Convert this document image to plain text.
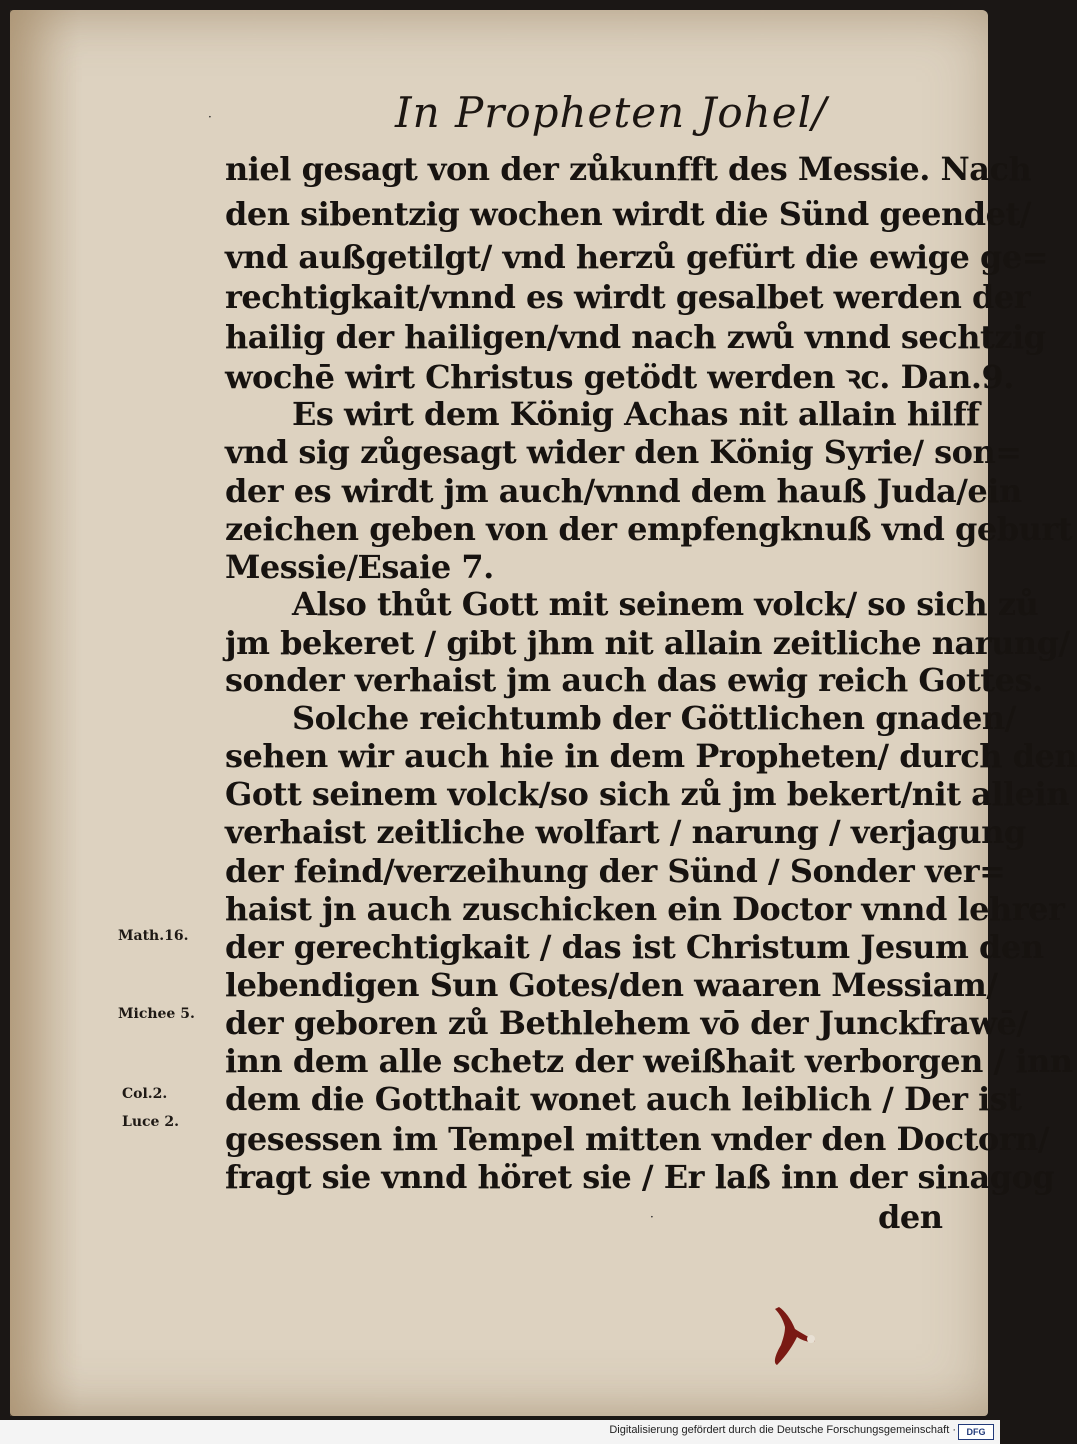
In Propheten Johel/
niel gesagt von der zůkunfft des Messie. Nach
den sibentzig wochen wirdt die Sünd geendet/
vnd außgetilgt/ vnd herzů gefürt die ewige ge=
rechtigkait/vnnd es wirdt gesalbet werden der
hailig der hailigen/vnd nach zwů vnnd sechtzig
wochē wirt Christus getödt werden ꝛc. Dan.9.
Es wirt dem König Achas nit allain hilff
vnd sig zůgesagt wider den König Syrie/ son=
der es wirdt jm auch/vnnd dem hauß Juda/ein
zeichen geben von der empfengknuß vnd geburt
Messie/Esaie 7.
Also thůt Gott mit seinem volck/ so sich zů
jm bekeret / gibt jhm nit allain zeitliche narung/
sonder verhaist jm auch das ewig reich Gottes.
Solche reichtumb der Göttlichen gnaden/
sehen wir auch hie in dem Propheten/ durch den
Gott seinem volck/so sich zů jm bekert/nit allein
verhaist zeitliche wolfart / narung / verjagung
der feind/verzeihung der Sünd / Sonder ver=
haist jn auch zuschicken ein Doctor vnnd lehrer
der gerechtigkait / das ist Christum Jesum den
lebendigen Sun Gotes/den waaren Messiam/
der geboren zů Bethlehem vō der Junckfrawē/
inn dem alle schetz der weißhait verborgen / inn
dem die Gotthait wonet auch leiblich / Der ist
gesessen im Tempel mitten vnder den Doctorn/
fragt sie vnnd höret sie / Er laß inn der sinagog
den
Math.16.
Michee 5.
Col.2.
Luce 2.
·
·
Digitalisierung gefördert durch die Deutsche Forschungsgemeinschaft ·	DFG
